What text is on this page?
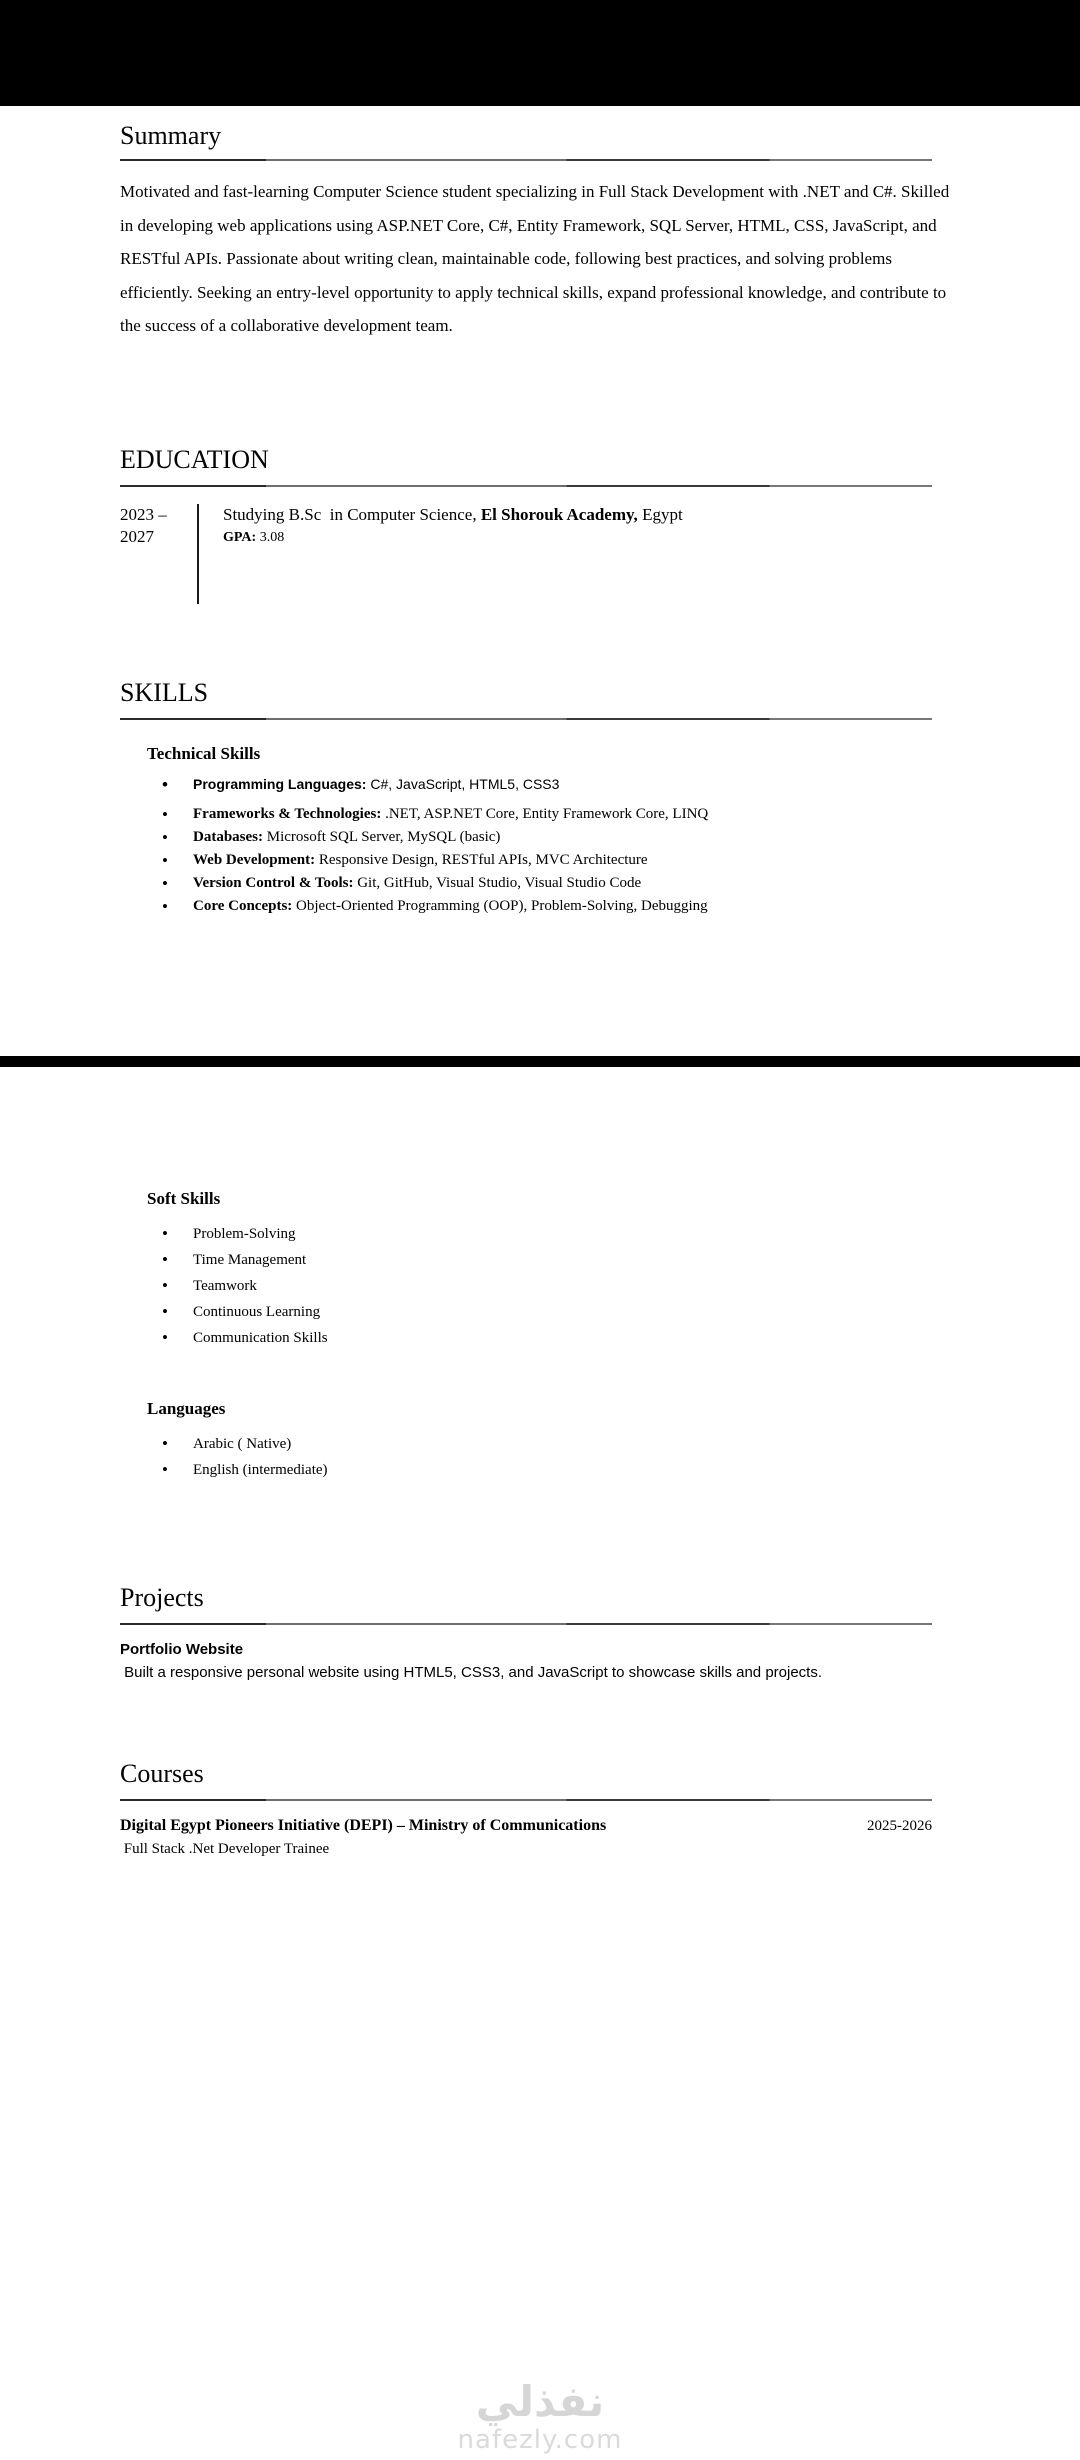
Summary

Motivated and fast-learning Computer Science student specializing in Full Stack Development with .NET and C#. Skilled in developing web applications using ASP.NET Core, C#, Entity Framework, SQL Server, HTML, CSS, JavaScript, and RESTful APIs. Passionate about writing clean, maintainable code, following best practices, and solving problems efficiently. Seeking an entry-level opportunity to apply technical skills, expand professional knowledge, and contribute to the success of a collaborative development team.

EDUCATION
2023 – 2027
Studying B.Sc  in Computer Science, El Shorouk Academy, Egypt
GPA: 3.08
SKILLS
Technical Skills
• Programming Languages: C#, JavaScript, HTML5, CSS3
• Frameworks & Technologies: .NET, ASP.NET Core, Entity Framework Core, LINQ
• Databases: Microsoft SQL Server, MySQL (basic)
• Web Development: Responsive Design, RESTful APIs, MVC Architecture
• Version Control & Tools: Git, GitHub, Visual Studio, Visual Studio Code
• Core Concepts: Object-Oriented Programming (OOP), Problem-Solving, Debugging
Soft Skills
• Problem-Solving
• Time Management
• Teamwork
• Continuous Learning
• Communication Skills
Languages
• Arabic ( Native)
• English (intermediate)
Projects
Portfolio Website
Built a responsive personal website using HTML5, CSS3, and JavaScript to showcase skills and projects.
Courses
Digital Egypt Pioneers Initiative (DEPI) – Ministry of Communications	2025-2026
Full Stack .Net Developer Trainee
نفذلي
nafezly.com
